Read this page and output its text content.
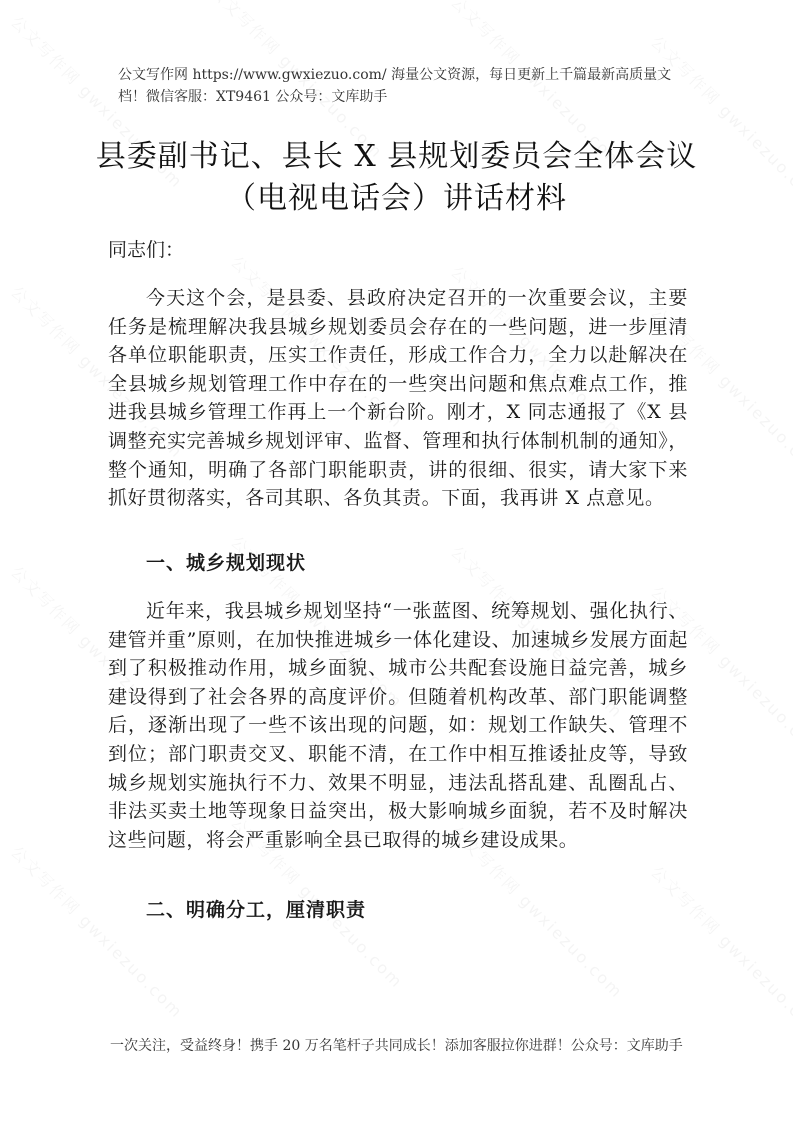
公文写作网 https://www.gwxiezuo.com/ 海量公文资源，每日更新上千篇最新高质量文档！微信客服：XT9461 公众号：文库助手
县委副书记、县长 X 县规划委员会全体会议
（电视电话会）讲话材料
同志们：
今天这个会，是县委、县政府决定召开的一次重要会议，主要任务是梳理解决我县城乡规划委员会存在的一些问题，进一步厘清各单位职能职责，压实工作责任，形成工作合力，全力以赴解决在全县城乡规划管理工作中存在的一些突出问题和焦点难点工作，推进我县城乡管理工作再上一个新台阶。刚才，X 同志通报了《X 县调整充实完善城乡规划评审、监督、管理和执行体制机制的通知》，整个通知，明确了各部门职能职责，讲的很细、很实，请大家下来抓好贯彻落实，各司其职、各负其责。下面，我再讲 X 点意见。
一、城乡规划现状
近年来，我县城乡规划坚持“一张蓝图、统筹规划、强化执行、建管并重”原则，在加快推进城乡一体化建设、加速城乡发展方面起到了积极推动作用，城乡面貌、城市公共配套设施日益完善，城乡建设得到了社会各界的高度评价。但随着机构改革、部门职能调整后，逐渐出现了一些不该出现的问题，如：规划工作缺失、管理不到位；部门职责交叉、职能不清，在工作中相互推诿扯皮等，导致城乡规划实施执行不力、效果不明显，违法乱搭乱建、乱圈乱占、非法买卖土地等现象日益突出，极大影响城乡面貌，若不及时解决这些问题，将会严重影响全县已取得的城乡建设成果。
二、明确分工，厘清职责
一次关注，受益终身！携手 20 万名笔杆子共同成长！添加客服拉你进群！公众号：文库助手
